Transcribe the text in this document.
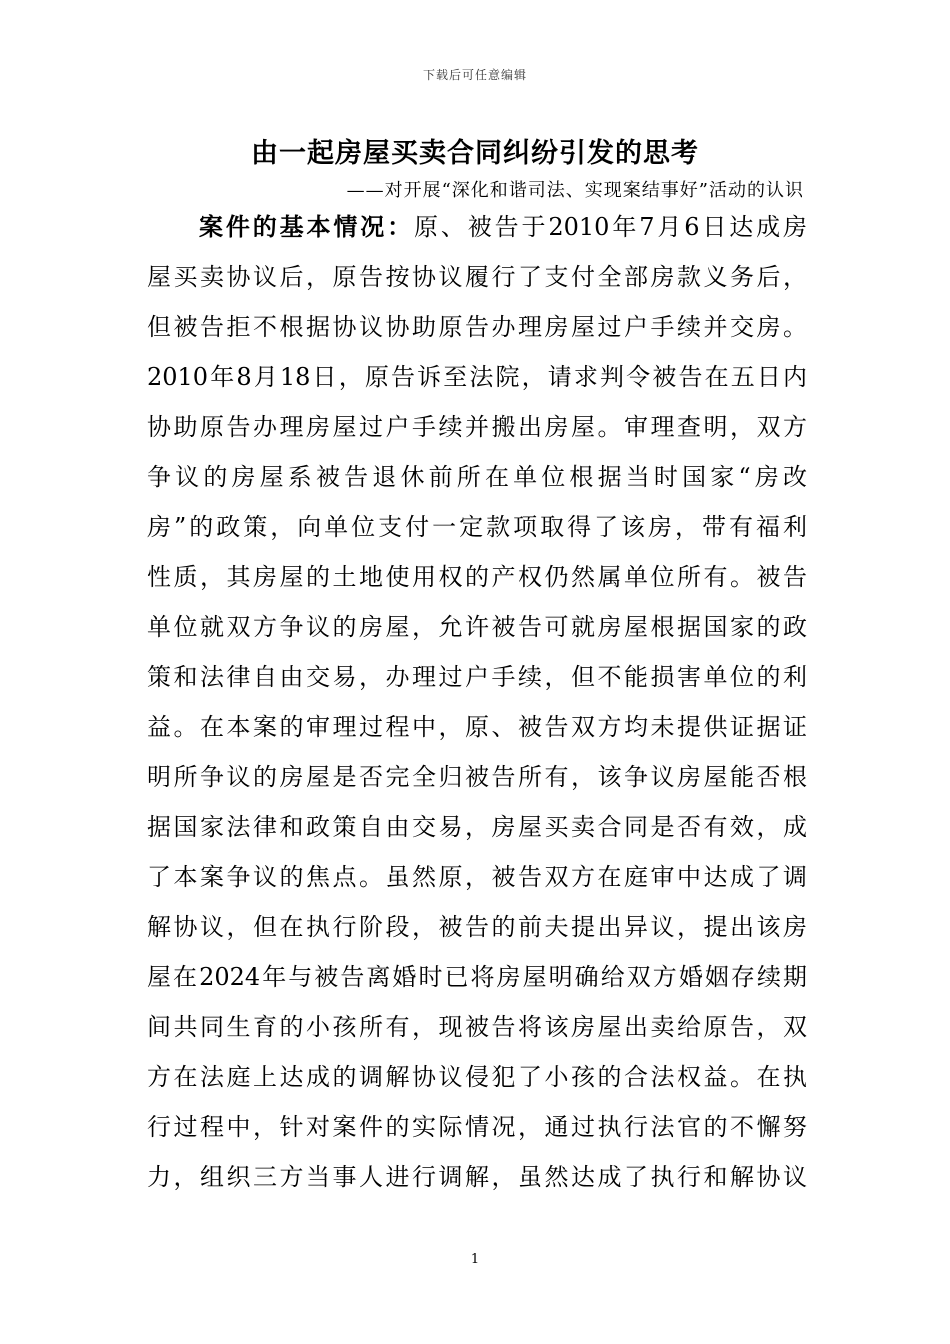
下载后可任意编辑
由一起房屋买卖合同纠纷引发的思考
——对开展“深化和谐司法、实现案结事好”活动的认识
案件的基本情况：原、被告于2010年7月6日达成房
屋买卖协议后，原告按协议履行了支付全部房款义务后，
但被告拒不根据协议协助原告办理房屋过户手续并交房。
2010年8月18日，原告诉至法院，请求判令被告在五日内
协助原告办理房屋过户手续并搬出房屋。审理查明，双方
争议的房屋系被告退休前所在单位根据当时国家“房改
房”的政策，向单位支付一定款项取得了该房，带有福利
性质，其房屋的土地使用权的产权仍然属单位所有。被告
单位就双方争议的房屋，允许被告可就房屋根据国家的政
策和法律自由交易，办理过户手续，但不能损害单位的利
益。在本案的审理过程中，原、被告双方均未提供证据证
明所争议的房屋是否完全归被告所有，该争议房屋能否根
据国家法律和政策自由交易，房屋买卖合同是否有效，成
了本案争议的焦点。虽然原，被告双方在庭审中达成了调
解协议，但在执行阶段，被告的前夫提出异议，提出该房
屋在2024年与被告离婚时已将房屋明确给双方婚姻存续期
间共同生育的小孩所有，现被告将该房屋出卖给原告，双
方在法庭上达成的调解协议侵犯了小孩的合法权益。在执
行过程中，针对案件的实际情况，通过执行法官的不懈努
力，组织三方当事人进行调解，虽然达成了执行和解协议
1
